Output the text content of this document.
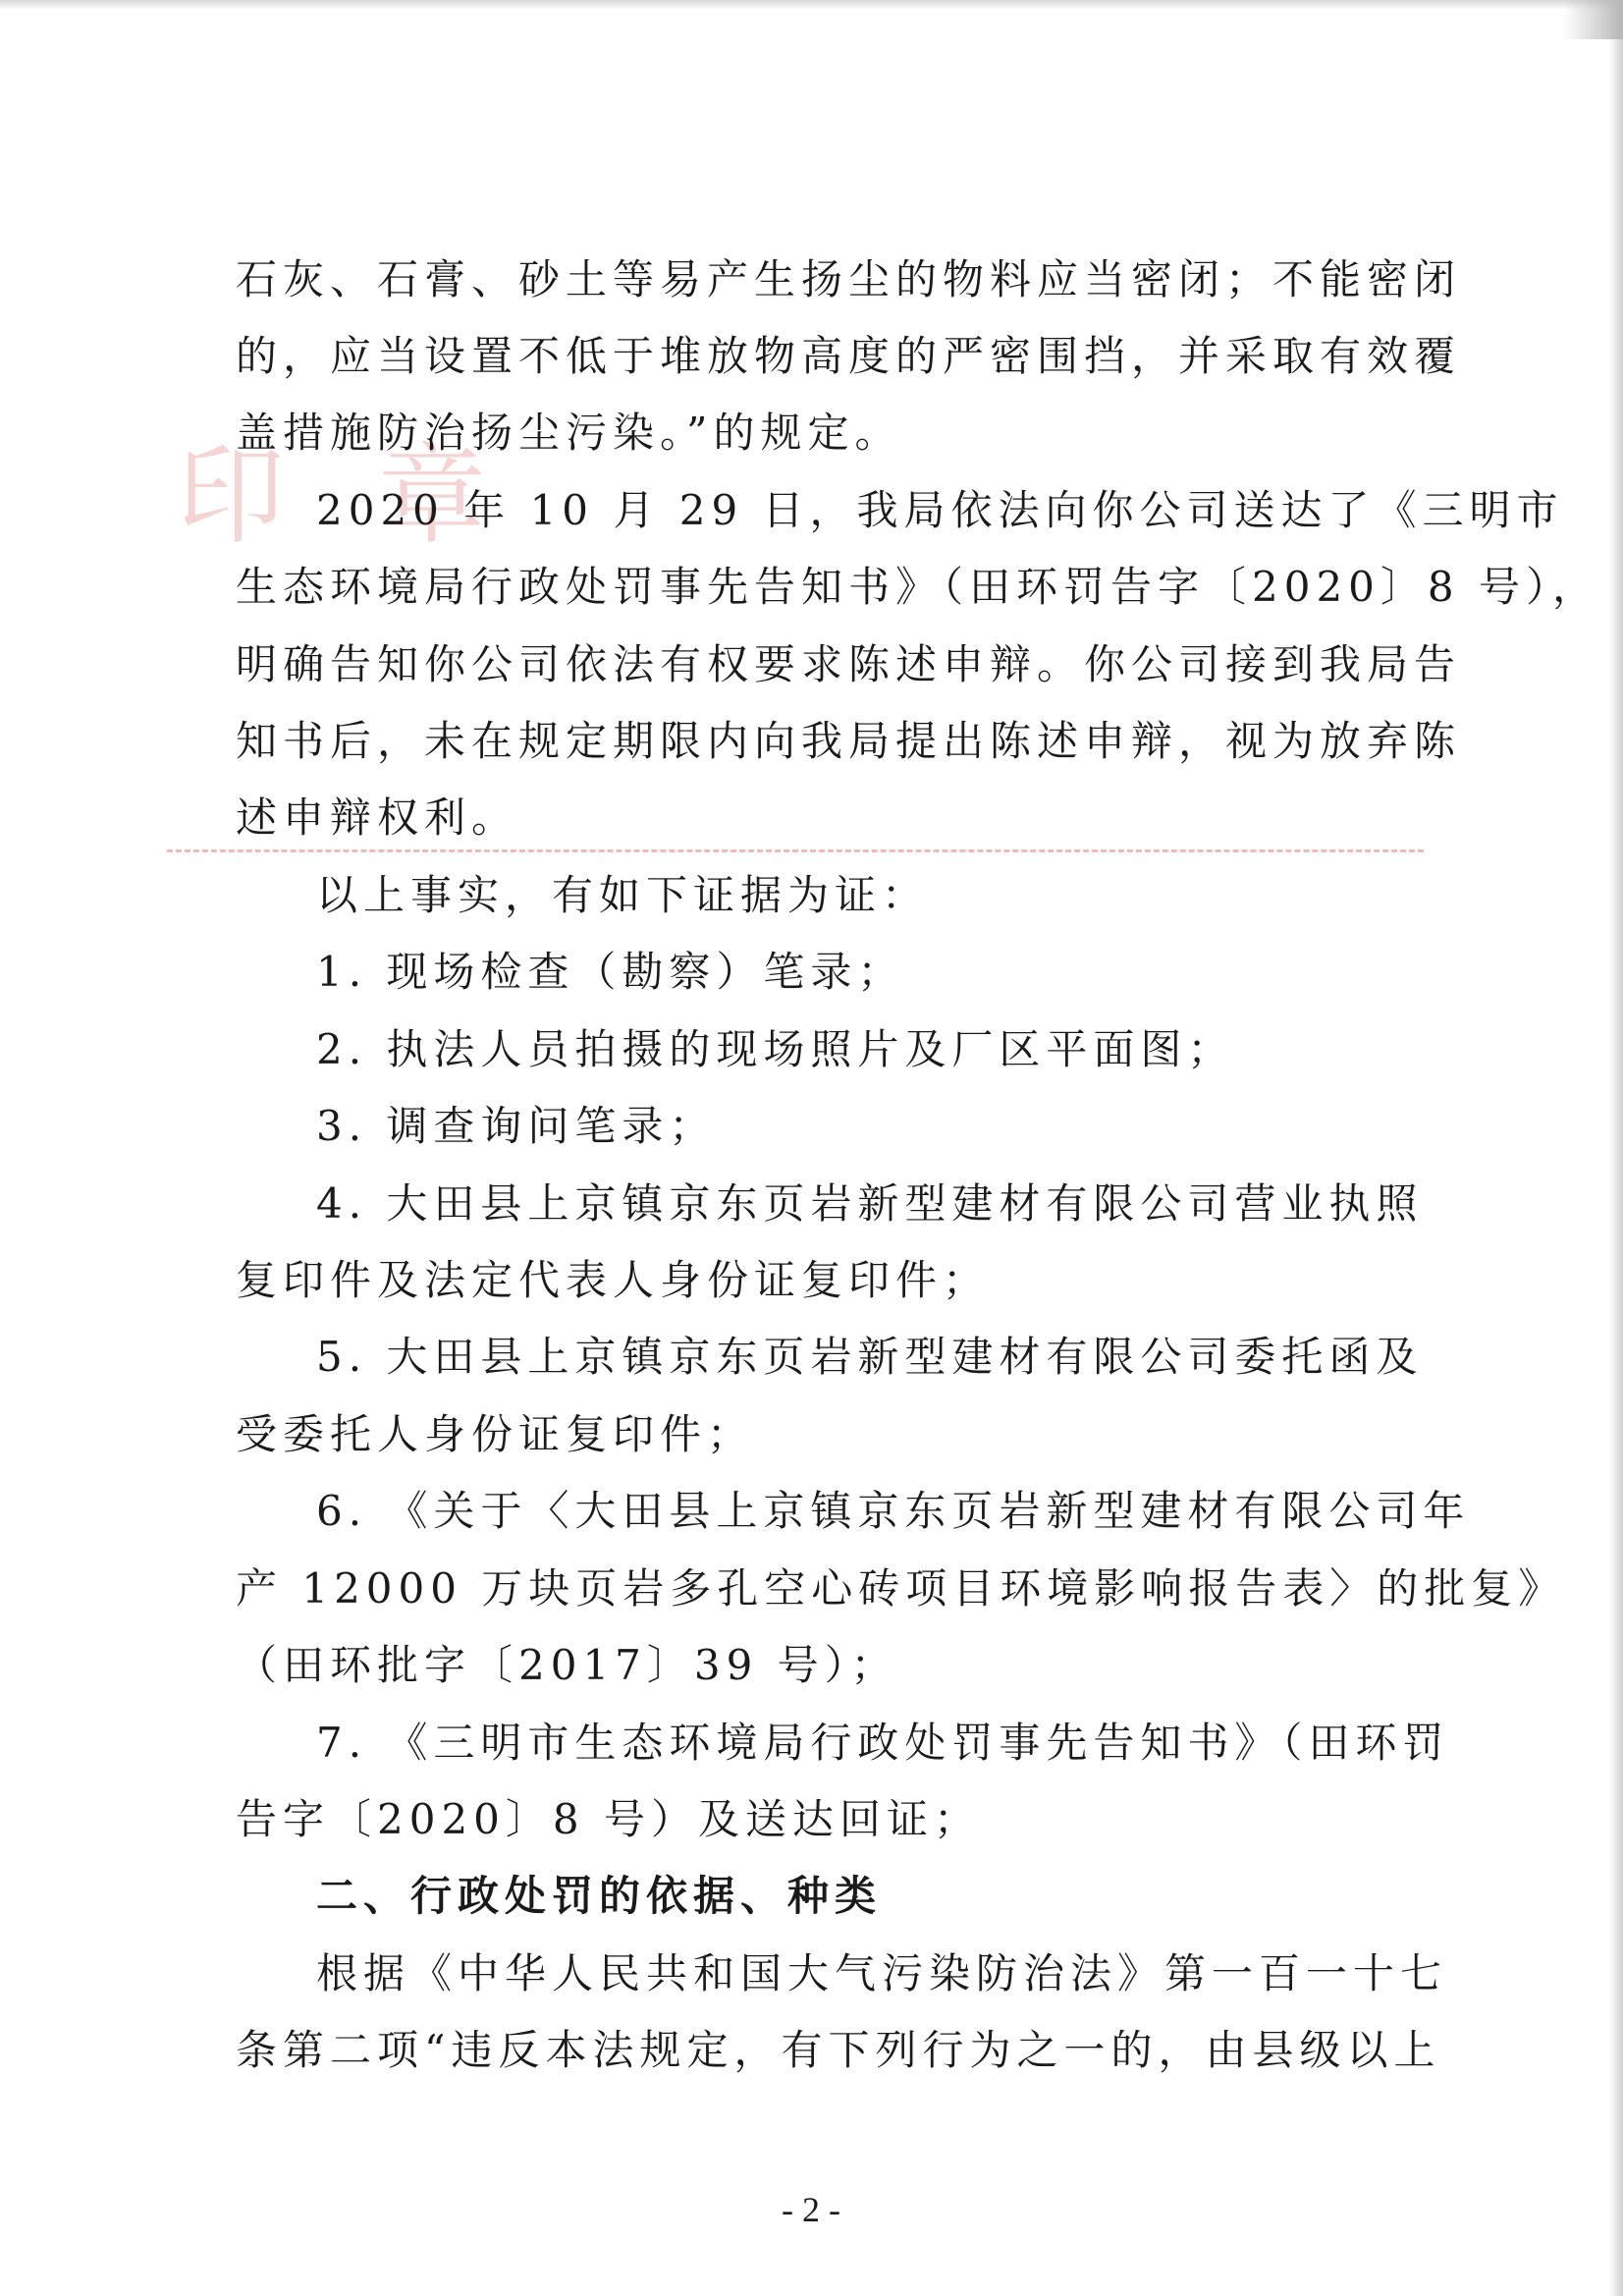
印 章
石灰、石膏、砂土等易产生扬尘的物料应当密闭；不能密闭
的，应当设置不低于堆放物高度的严密围挡，并采取有效覆
盖措施防治扬尘污染。”的规定。
2020 年 10 月 29 日，我局依法向你公司送达了《三明市
生态环境局行政处罚事先告知书》（田环罚告字〔2020〕8 号），
明确告知你公司依法有权要求陈述申辩。你公司接到我局告
知书后，未在规定期限内向我局提出陈述申辩，视为放弃陈
述申辩权利。
以上事实，有如下证据为证：
1. 现场检查（勘察）笔录；
2. 执法人员拍摄的现场照片及厂区平面图；
3. 调查询问笔录；
4. 大田县上京镇京东页岩新型建材有限公司营业执照
复印件及法定代表人身份证复印件；
5. 大田县上京镇京东页岩新型建材有限公司委托函及
受委托人身份证复印件；
6. 《关于〈大田县上京镇京东页岩新型建材有限公司年
产 12000 万块页岩多孔空心砖项目环境影响报告表〉的批复》
（田环批字〔2017〕39 号）；
7. 《三明市生态环境局行政处罚事先告知书》（田环罚
告字〔2020〕8 号）及送达回证；
二、行政处罚的依据、种类
根据《中华人民共和国大气污染防治法》第一百一十七
条第二项“违反本法规定，有下列行为之一的，由县级以上
- 2 -
